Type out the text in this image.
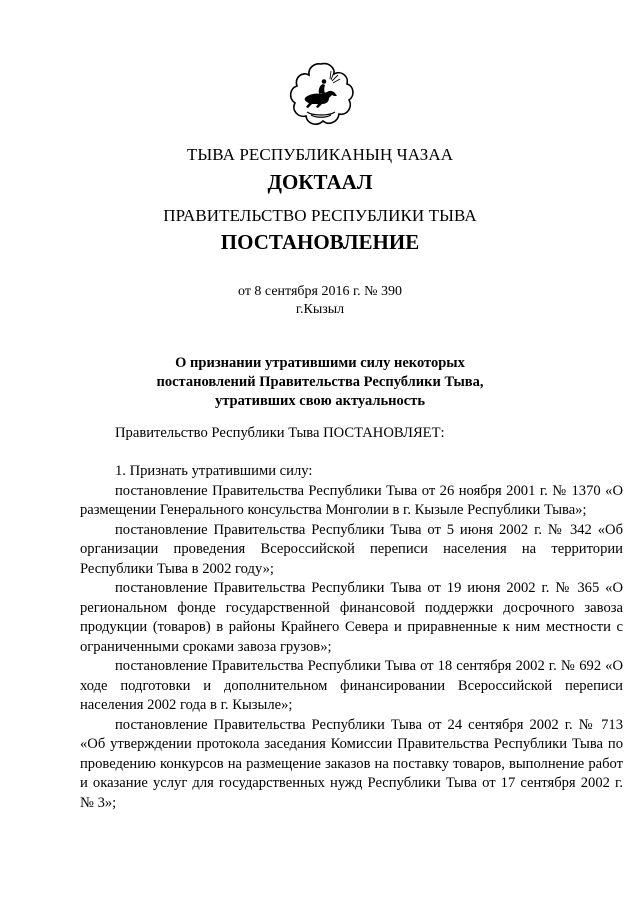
ТЫВА РЕСПУБЛИКАНЫҢ ЧАЗАА
ДОКТААЛ
ПРАВИТЕЛЬСТВО РЕСПУБЛИКИ ТЫВА
ПОСТАНОВЛЕНИЕ
от 8 сентября 2016 г. № 390
г.Кызыл
О признании утратившими силу некоторых
постановлений Правительства Республики Тыва,
утративших свою актуальность

Правительство Республики Тыва ПОСТАНОВЛЯЕТ:

1. Признать утратившими силу:

постановление Правительства Республики Тыва от 26 ноября 2001 г. № 1370 «О размещении Генерального консульства Монголии в г. Кызыле Республики Тыва»;

постановление Правительства Республики Тыва от 5 июня 2002 г. № 342 «Об организации проведения Всероссийской переписи населения на территории Республики Тыва в 2002 году»;

постановление Правительства Республики Тыва от 19 июня 2002 г. № 365 «О региональном фонде государственной финансовой поддержки досрочного завоза продукции (товаров) в районы Крайнего Севера и приравненные к ним местности с ограниченными сроками завоза грузов»;

постановление Правительства Республики Тыва от 18 сентября 2002 г. № 692 «О ходе подготовки и дополнительном финансировании Всероссийской переписи населения 2002 года в г. Кызыле»;

постановление Правительства Республики Тыва от 24 сентября 2002 г. № 713 «Об утверждении протокола заседания Комиссии Правительства Республики Тыва по проведению конкурсов на размещение заказов на поставку товаров, выполнение работ и оказание услуг для государственных нужд Республики Тыва от 17 сентября 2002 г. № 3»;
